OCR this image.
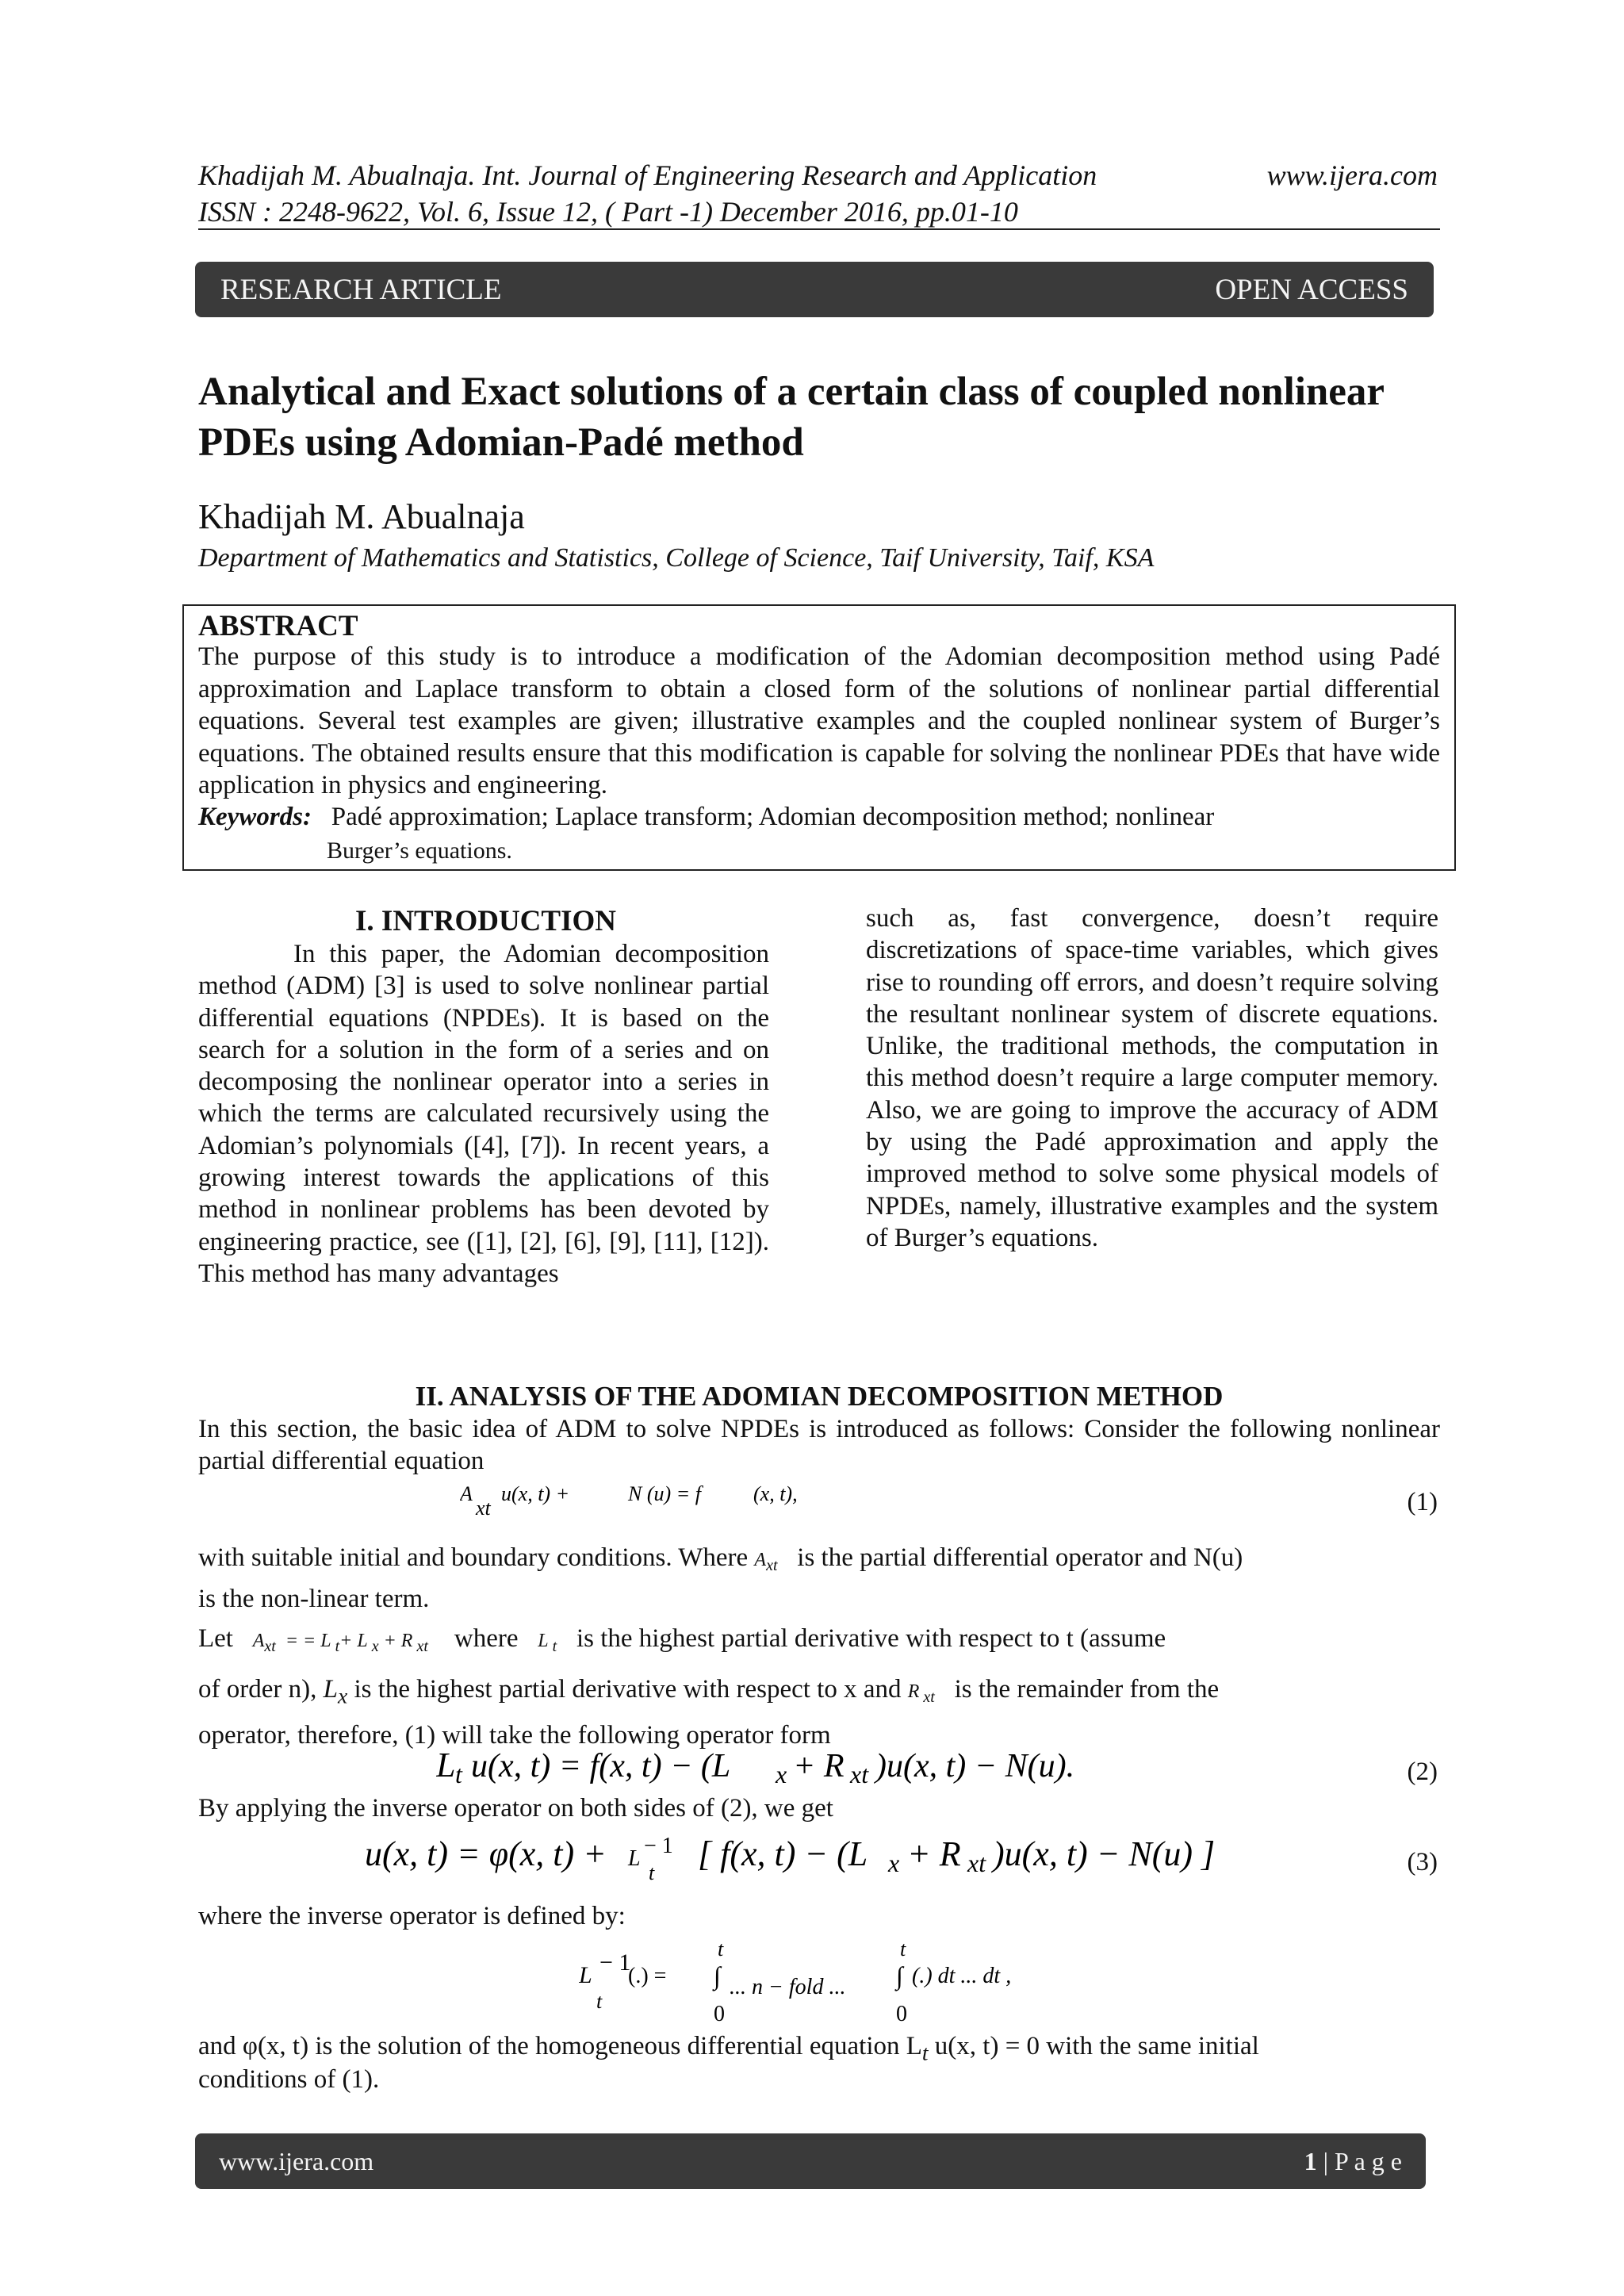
Khadijah M. Abualnaja. Int. Journal of Engineering Research and Application
ISSN : 2248-9622, Vol. 6, Issue 12, ( Part -1) December 2016, pp.01-10
www.ijera.com
RESEARCH ARTICLE	OPEN ACCESS
Analytical and Exact solutions of a certain class of coupled nonlinear PDEs using Adomian-Padé method
Khadijah M. Abualnaja
Department of Mathematics and Statistics, College of Science, Taif University, Taif, KSA
ABSTRACT
The purpose of this study is to introduce a modification of the Adomian decomposition method using Padé approximation and Laplace transform to obtain a closed form of the solutions of nonlinear partial differential equations. Several test examples are given; illustrative examples and the coupled nonlinear system of Burger’s equations. The obtained results ensure that this modification is capable for solving the nonlinear PDEs that have wide application in physics and engineering.
Keywords: Padé approximation; Laplace transform; Adomian decomposition method; nonlinear
Burger’s equations.
I. INTRODUCTION
In this paper, the Adomian decomposition method (ADM) [3] is used to solve nonlinear partial differential equations (NPDEs). It is based on the search for a solution in the form of a series and on decomposing the nonlinear operator into a series in which the terms are calculated recursively using the Adomian’s polynomials ([4], [7]). In recent years, a growing interest towards the applications of this method in nonlinear problems has been devoted by engineering practice, see ([1], [2], [6], [9], [11], [12]). This method has many advantages
such as, fast convergence, doesn’t require discretizations of space-time variables, which gives rise to rounding off errors, and doesn’t require solving the resultant nonlinear system of discrete equations. Unlike, the traditional methods, the computation in this method doesn’t require a large computer memory. Also, we are going to improve the accuracy of ADM by using the Padé approximation and apply the improved method to solve some physical models of NPDEs, namely, illustrative examples and the system of Burger’s equations.
II. ANALYSIS OF THE ADOMIAN DECOMPOSITION METHOD
In this section, the basic idea of ADM to solve NPDEs is introduced as follows: Consider the following nonlinear partial differential equation
A
xt
u(x, t) +	N (u) = f	(x, t),	(1)
with suitable initial and boundary conditions. Where $A_{xt}$ is the partial differential operator and N(u)
is the non-linear term.
Let $A_{xt}$  = = L $_t$+ L $_x$ + R $_{xt}$ where L $_t$ is the highest partial derivative with respect to t (assume
of order n), $L_x$ is the highest partial derivative with respect to x and R $_{xt}$ is the remainder from the
operator, therefore, (1) will take the following operator form
L t u(x, t) = f(x, t) − (L x + R xt )u(x, t) − N(u).	(2)
By applying the inverse operator on both sides of (2), we get
u(x, t) = φ(x, t) + L
− 1
t [ f(x, t) − (L x + R xt )u(x, t) − N(u) ]	(3)
where the inverse operator is defined by:
L − 1
t
(.) =
t
∫
0
... n − fold ...
t
∫
0
(.) dt ... dt ,
and φ(x, t) is the solution of the homogeneous differential equation $L_t$ u(x, t) = 0 with the same initial
conditions of (1).
www.ijera.com	1 | P a g e
